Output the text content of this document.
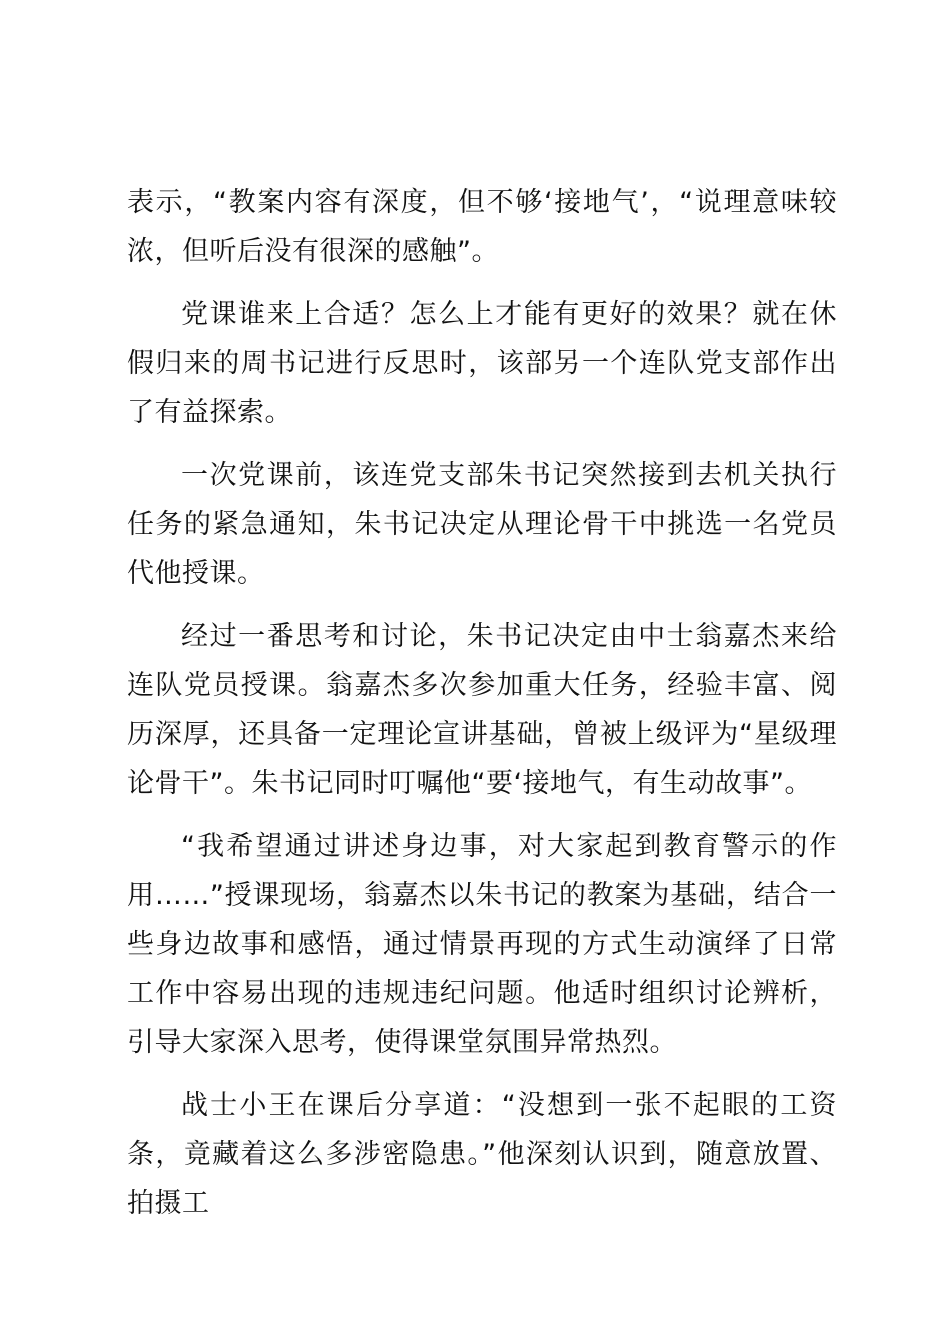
表示，“教案内容有深度，但不够‘接地气’，“说理意味较浓，但听后没有很深的感触”。

党课谁来上合适？怎么上才能有更好的效果？就在休假归来的周书记进行反思时，该部另一个连队党支部作出了有益探索。

一次党课前，该连党支部朱书记突然接到去机关执行任务的紧急通知，朱书记决定从理论骨干中挑选一名党员代他授课。

经过一番思考和讨论，朱书记决定由中士翁嘉杰来给连队党员授课。翁嘉杰多次参加重大任务，经验丰富、阅历深厚，还具备一定理论宣讲基础，曾被上级评为“星级理论骨干”。朱书记同时叮嘱他“要‘接地气，有生动故事”。

“我希望通过讲述身边事，对大家起到教育警示的作用……”授课现场，翁嘉杰以朱书记的教案为基础，结合一些身边故事和感悟，通过情景再现的方式生动演绎了日常工作中容易出现的违规违纪问题。他适时组织讨论辨析，引导大家深入思考，使得课堂氛围异常热烈。

战士小王在课后分享道：“没想到一张不起眼的工资条，竟藏着这么多涉密隐患。”他深刻认识到，随意放置、拍摄工
